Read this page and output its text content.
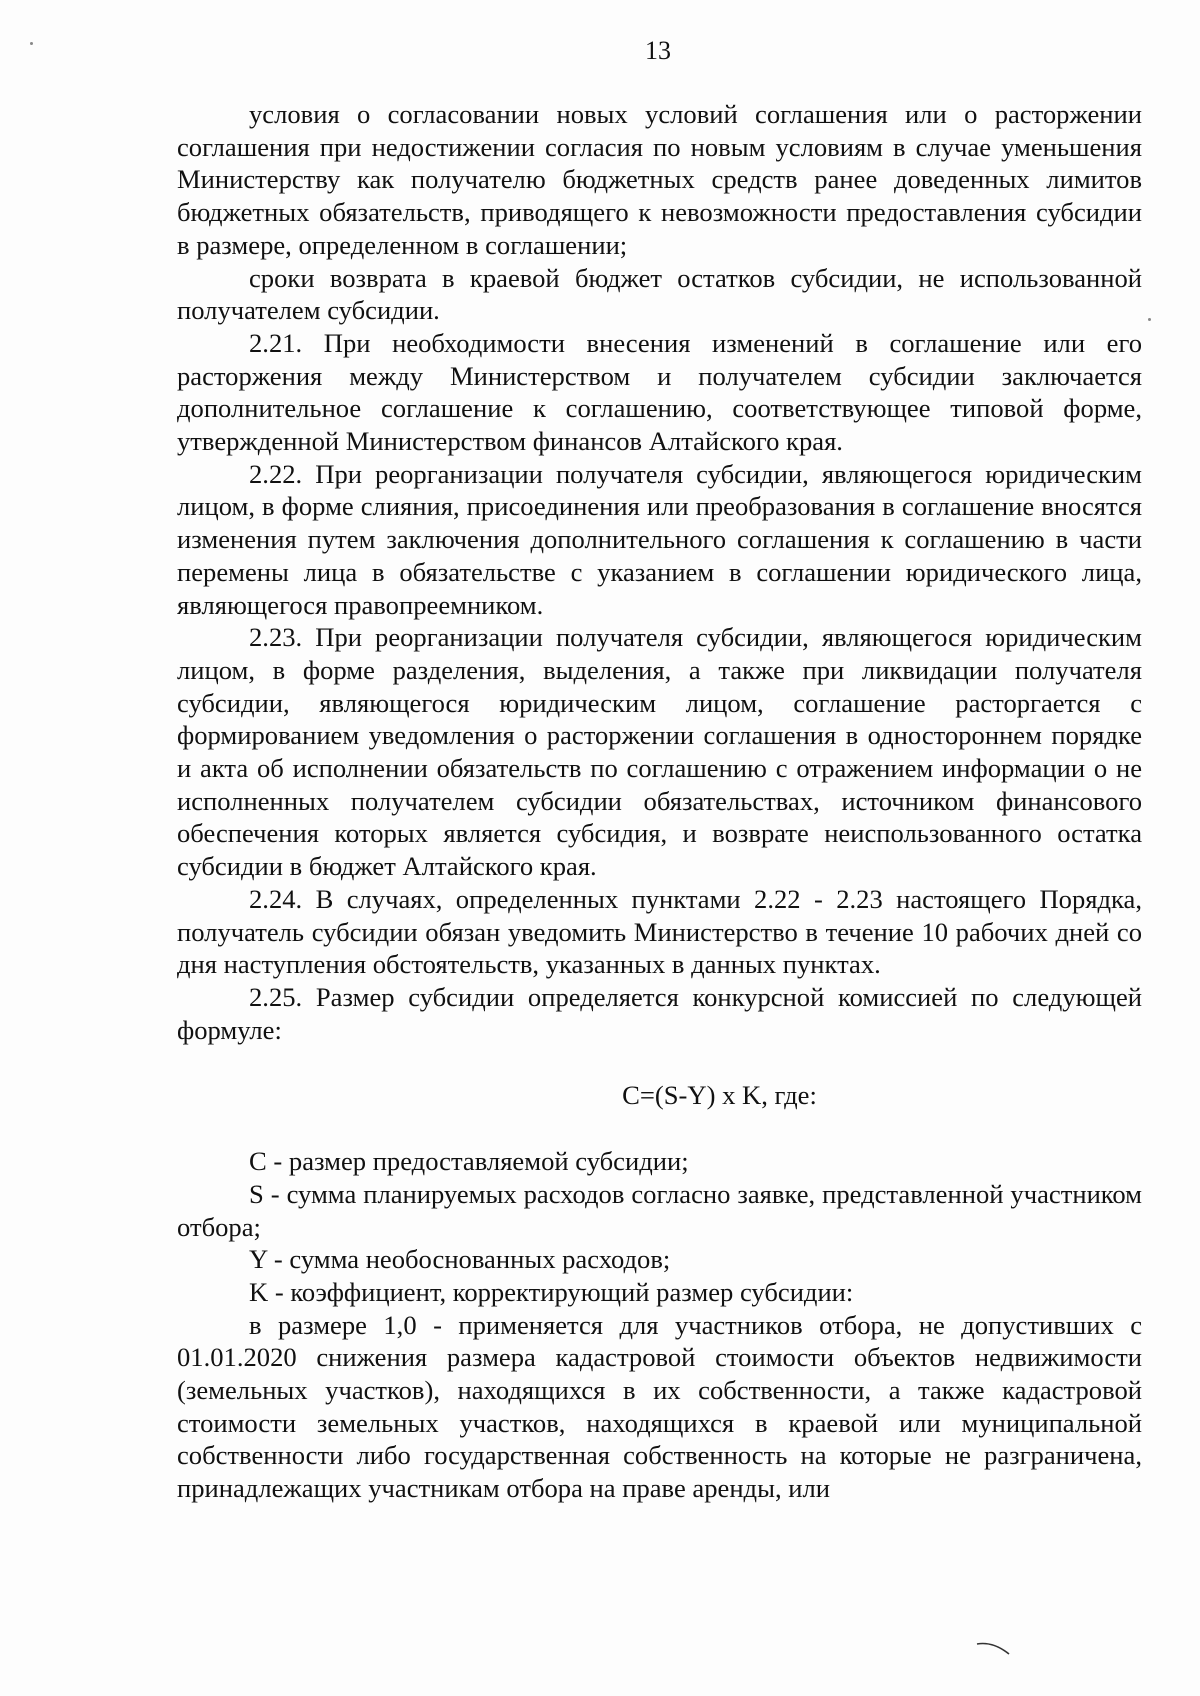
13

условия о согласовании новых условий соглашения или о расторжении соглашения при недостижении согласия по новым условиям в случае уменьшения Министерству как получателю бюджетных средств ранее доведенных лимитов бюджетных обязательств, приводящего к невозможности предоставления субсидии в размере, определенном в соглашении;

сроки возврата в краевой бюджет остатков субсидии, не использованной получателем субсидии.

2.21. При необходимости внесения изменений в соглашение или его расторжения между Министерством и получателем субсидии заключается дополнительное соглашение к соглашению, соответствующее типовой форме, утвержденной Министерством финансов Алтайского края.

2.22. При реорганизации получателя субсидии, являющегося юридическим лицом, в форме слияния, присоединения или преобразования в соглашение вносятся изменения путем заключения дополнительного соглашения к соглашению в части перемены лица в обязательстве с указанием в соглашении юридического лица, являющегося правопреемником.

2.23. При реорганизации получателя субсидии, являющегося юридическим лицом, в форме разделения, выделения, а также при ликвидации получателя субсидии, являющегося юридическим лицом, соглашение расторгается с формированием уведомления о расторжении соглашения в одностороннем порядке и акта об исполнении обязательств по соглашению с отражением информации о не исполненных получателем субсидии обязательствах, источником финансового обеспечения которых является субсидия, и возврате неиспользованного остатка субсидии в бюджет Алтайского края.

2.24. В случаях, определенных пунктами 2.22 - 2.23 настоящего Порядка, получатель субсидии обязан уведомить Министерство в течение 10 рабочих дней со дня наступления обстоятельств, указанных в данных пунктах.

2.25. Размер субсидии определяется конкурсной комиссией по следующей формуле:

C=(S-Y) x K, где:

C - размер предоставляемой субсидии;

S - сумма планируемых расходов согласно заявке, представленной участником отбора;

Y - сумма необоснованных расходов;

K - коэффициент, корректирующий размер субсидии:

в размере 1,0 - применяется для участников отбора, не допустивших с 01.01.2020 снижения размера кадастровой стоимости объектов недвижимости (земельных участков), находящихся в их собственности, а также кадастровой стоимости земельных участков, находящихся в краевой или муниципальной собственности либо государственная собственность на которые не разграничена, принадлежащих участникам отбора на праве аренды, или
